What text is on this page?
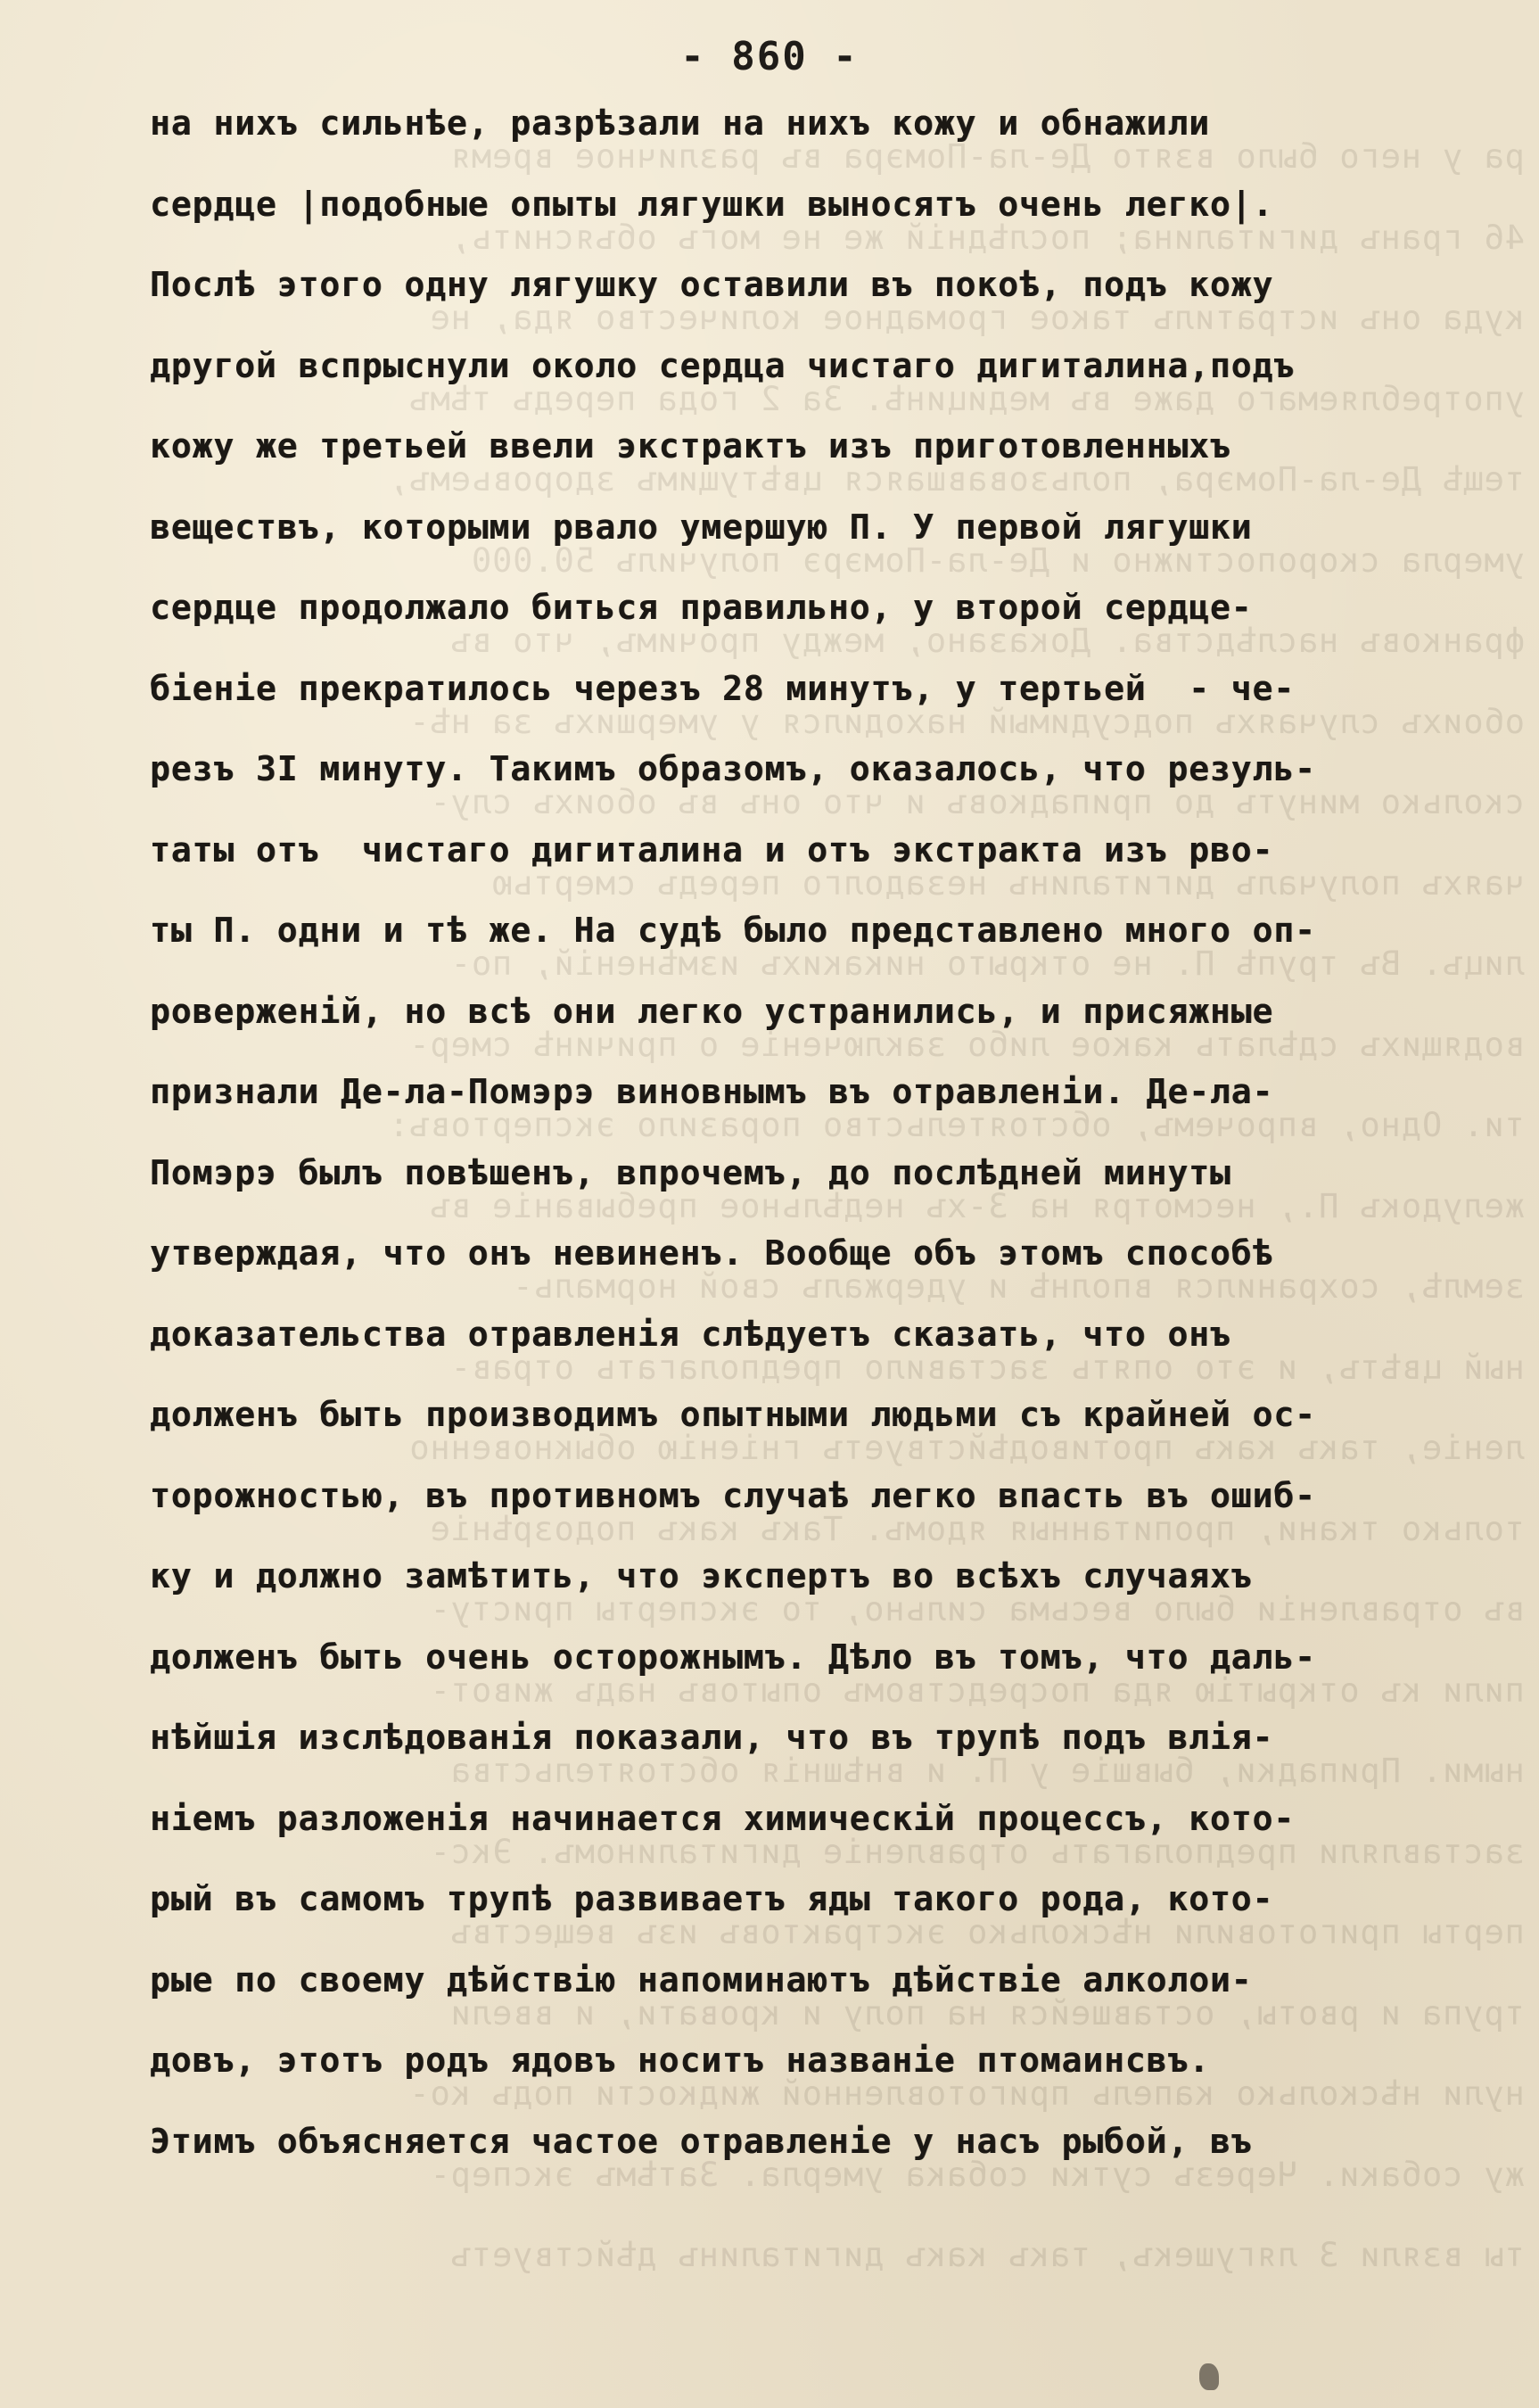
ра у него было взято Де-ла-Помэра въ различное время
46 гранъ дигиталина; послѣдній же не могъ объяснить,
куда онъ истратилъ такое громадное количество яда, не
употребляемаго даже въ медицинѣ. За 2 года передъ тѣмъ
тещѣ Де-ла-Помэра, пользовавшаяся цвѣтущимъ здоровьемъ,
умерла скоропостижно и Де-ла-Помэрэ получилъ 50.000
франковъ наслѣдства. Доказано, между прочимъ, что въ
обоихъ случаяхъ подсудимый находился у умершихъ за нѣ-
сколько минутъ до припадковъ и что онъ въ обоихъ слу-
чаяхъ получалъ дигиталинъ незадолго передъ смертью
лицъ. Въ трупѣ П. не открыто никакихъ измѣненій, по-
водящихъ сдѣлать какое либо заключеніе о причинѣ смер-
ти. Одно, впрочемъ, обстоятельство поразило экспертовъ:
желудокъ П., несмотря на 3-хъ недѣльное пребываніе въ
землѣ, сохранился вполнѣ и удержалъ свой нормаль-
ный цвѣтъ, и это опять заставило предполагать отрав-
леніе, такъ какъ противодѣйствуетъ гніенію обыкновенно
только ткани, пропитанныя ядомъ. Такъ какъ подозрѣніе
въ отравленіи было весьма сильно, то эксперты присту-
пили къ открытію яда посредствомъ опытовъ надъ живот-
ными. Припадки, бывшіе у П. и внѣшнія обстоятельства
заставляли предполагать отравленіе дигиталиномъ. Экс-
перты приготовили нѣсколько экстрактовъ изъ веществъ
трупа и рвоты, оставшейся на полу и кровати, и ввели
нули нѣсколько капель приготовленной жидкости подъ ко-
жу собаки. Черезъ сутки собака умерла. Затѣмъ экспер-
ты взяли 3 лягушекъ, такъ какъ дигиталинъ дѣйствуетъ
- 860 -
на нихъ сильнѣе, разрѣзали на нихъ кожу и обнажили
сердце |подобные опыты лягушки выносятъ очень легко|.
Послѣ этого одну лягушку оставили въ покоѣ, подъ кожу
другой вспрыснули около сердца чистаго дигиталина,подъ
кожу же третьей ввели экстрактъ изъ приготовленныхъ
веществъ, которыми рвало умершую П. У первой лягушки
сердце продолжало биться правильно, у второй сердце-
біеніе прекратилось черезъ 28 минутъ, у тертьей  - че-
резъ 3I минуту. Такимъ образомъ, оказалось, что резуль-
таты отъ  чистаго дигиталина и отъ экстракта изъ рво-
ты П. одни и тѣ же. На судѣ было представлено много оп-
роверженій, но всѣ они легко устранились, и присяжные
признали Де-ла-Помэрэ виновнымъ въ отравленіи. Де-ла-
Помэрэ былъ повѣшенъ, впрочемъ, до послѣдней минуты
утверждая, что онъ невиненъ. Вообще объ этомъ способѣ
доказательства отравленія слѣдуетъ сказать, что онъ
долженъ быть производимъ опытными людьми съ крайней ос-
торожностью, въ противномъ случаѣ легко впасть въ ошиб-
ку и должно замѣтить, что экспертъ во всѣхъ случаяхъ
долженъ быть очень осторожнымъ. Дѣло въ томъ, что даль-
нѣйшія изслѣдованія показали, что въ трупѣ подъ влія-
ніемъ разложенія начинается химическій процессъ, кото-
рый въ самомъ трупѣ развиваетъ яды такого рода, кото-
рые по своему дѣйствію напоминаютъ дѣйствіе алколои-
довъ, этотъ родъ ядовъ носитъ названіе птомаинсвъ.
Этимъ объясняется частое отравленіе у насъ рыбой, въ
